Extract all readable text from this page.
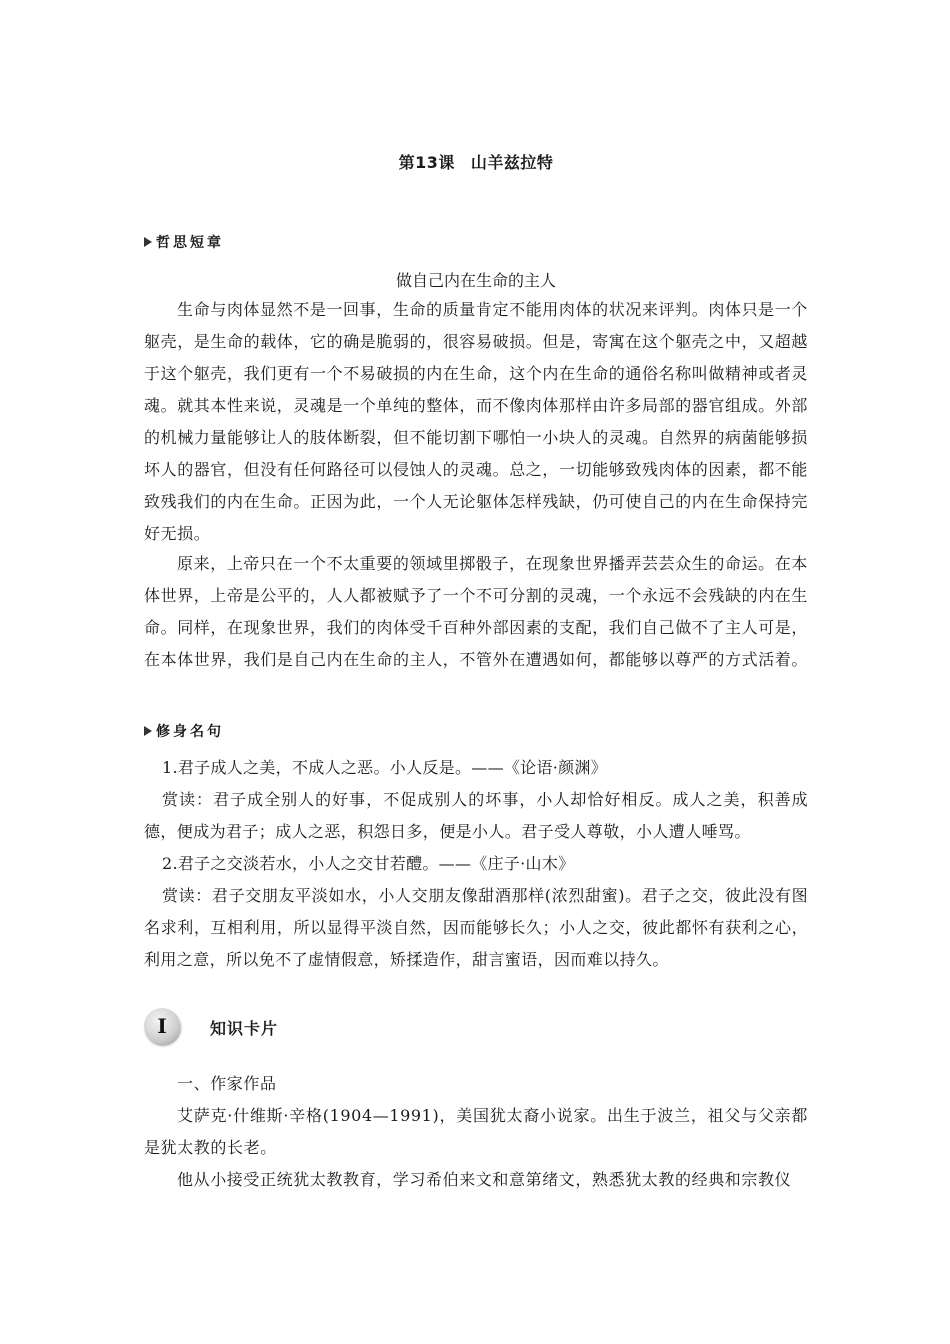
第13课 山羊兹拉特
哲思短章
做自己内在生命的主人
生命与肉体显然不是一回事，生命的质量肯定不能用肉体的状况来评判。肉体只是一个躯壳，是生命的载体，它的确是脆弱的，很容易破损。但是，寄寓在这个躯壳之中，又超越于这个躯壳，我们更有一个不易破损的内在生命，这个内在生命的通俗名称叫做精神或者灵魂。就其本性来说，灵魂是一个单纯的整体，而不像肉体那样由许多局部的器官组成。外部的机械力量能够让人的肢体断裂，但不能切割下哪怕一小块人的灵魂。自然界的病菌能够损坏人的器官，但没有任何路径可以侵蚀人的灵魂。总之，一切能够致残肉体的因素，都不能致残我们的内在生命。正因为此，一个人无论躯体怎样残缺，仍可使自己的内在生命保持完好无损。
原来，上帝只在一个不太重要的领域里掷骰子，在现象世界播弄芸芸众生的命运。在本体世界，上帝是公平的，人人都被赋予了一个不可分割的灵魂，一个永远不会残缺的内在生命。同样，在现象世界，我们的肉体受千百种外部因素的支配，我们自己做不了主人可是，在本体世界，我们是自己内在生命的主人，不管外在遭遇如何，都能够以尊严的方式活着。
修身名句
1.君子成人之美，不成人之恶。小人反是。——《论语·颜渊》
赏读：君子成全别人的好事，不促成别人的坏事，小人却恰好相反。成人之美，积善成德，便成为君子；成人之恶，积怨日多，便是小人。君子受人尊敬，小人遭人唾骂。
2.君子之交淡若水，小人之交甘若醴。——《庄子·山木》
赏读：君子交朋友平淡如水，小人交朋友像甜酒那样(浓烈甜蜜)。君子之交，彼此没有图名求利，互相利用，所以显得平淡自然，因而能够长久；小人之交，彼此都怀有获利之心，利用之意，所以免不了虚情假意，矫揉造作，甜言蜜语，因而难以持久。
I	知识卡片
一、作家作品
艾萨克·什维斯·辛格(1904—1991)，美国犹太裔小说家。出生于波兰，祖父与父亲都是犹太教的长老。
他从小接受正统犹太教教育，学习希伯来文和意第绪文，熟悉犹太教的经典和宗教仪
